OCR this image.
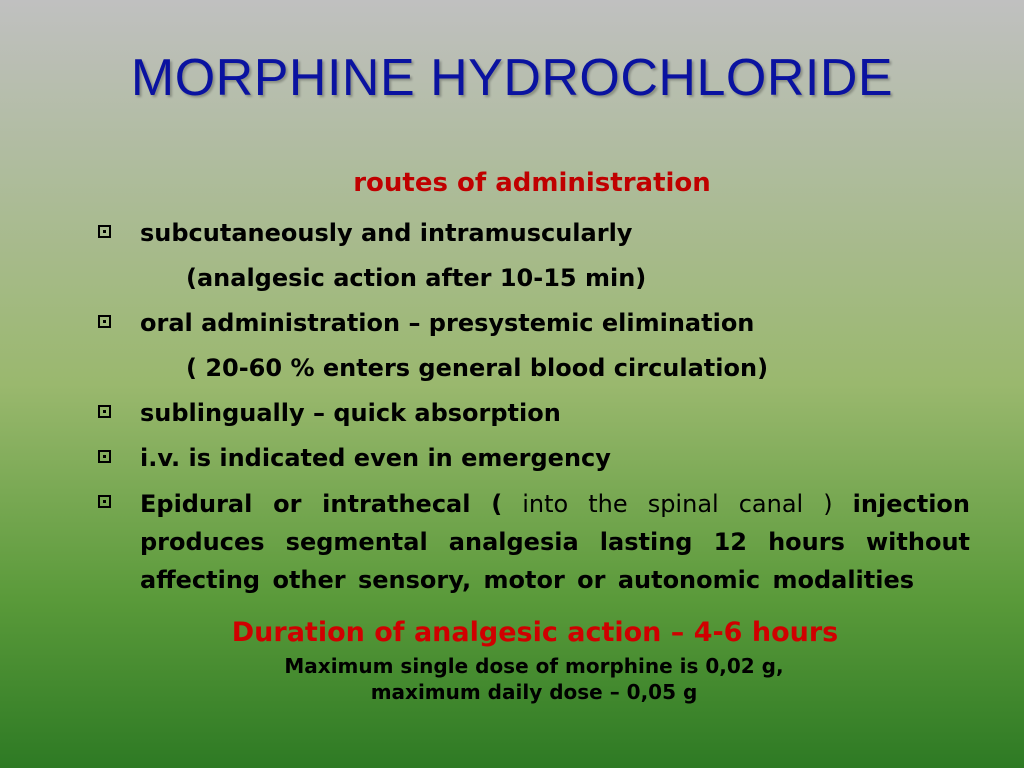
MORPHINE HYDROCHLORIDE
routes of administration
subcutaneously and intramuscularly
(analgesic action after 10-15 min)
oral administration – presystemic elimination
( 20-60 % enters general blood circulation)
sublingually – quick absorption
i.v. is indicated even in emergency
Epidural or intrathecal ( into the spinal canal ) injection produces segmental analgesia lasting 12 hours without affecting other sensory, motor or autonomic modalities
Duration of analgesic action – 4-6 hours
Maximum single dose of morphine is 0,02 g,
maximum daily dose – 0,05 g
